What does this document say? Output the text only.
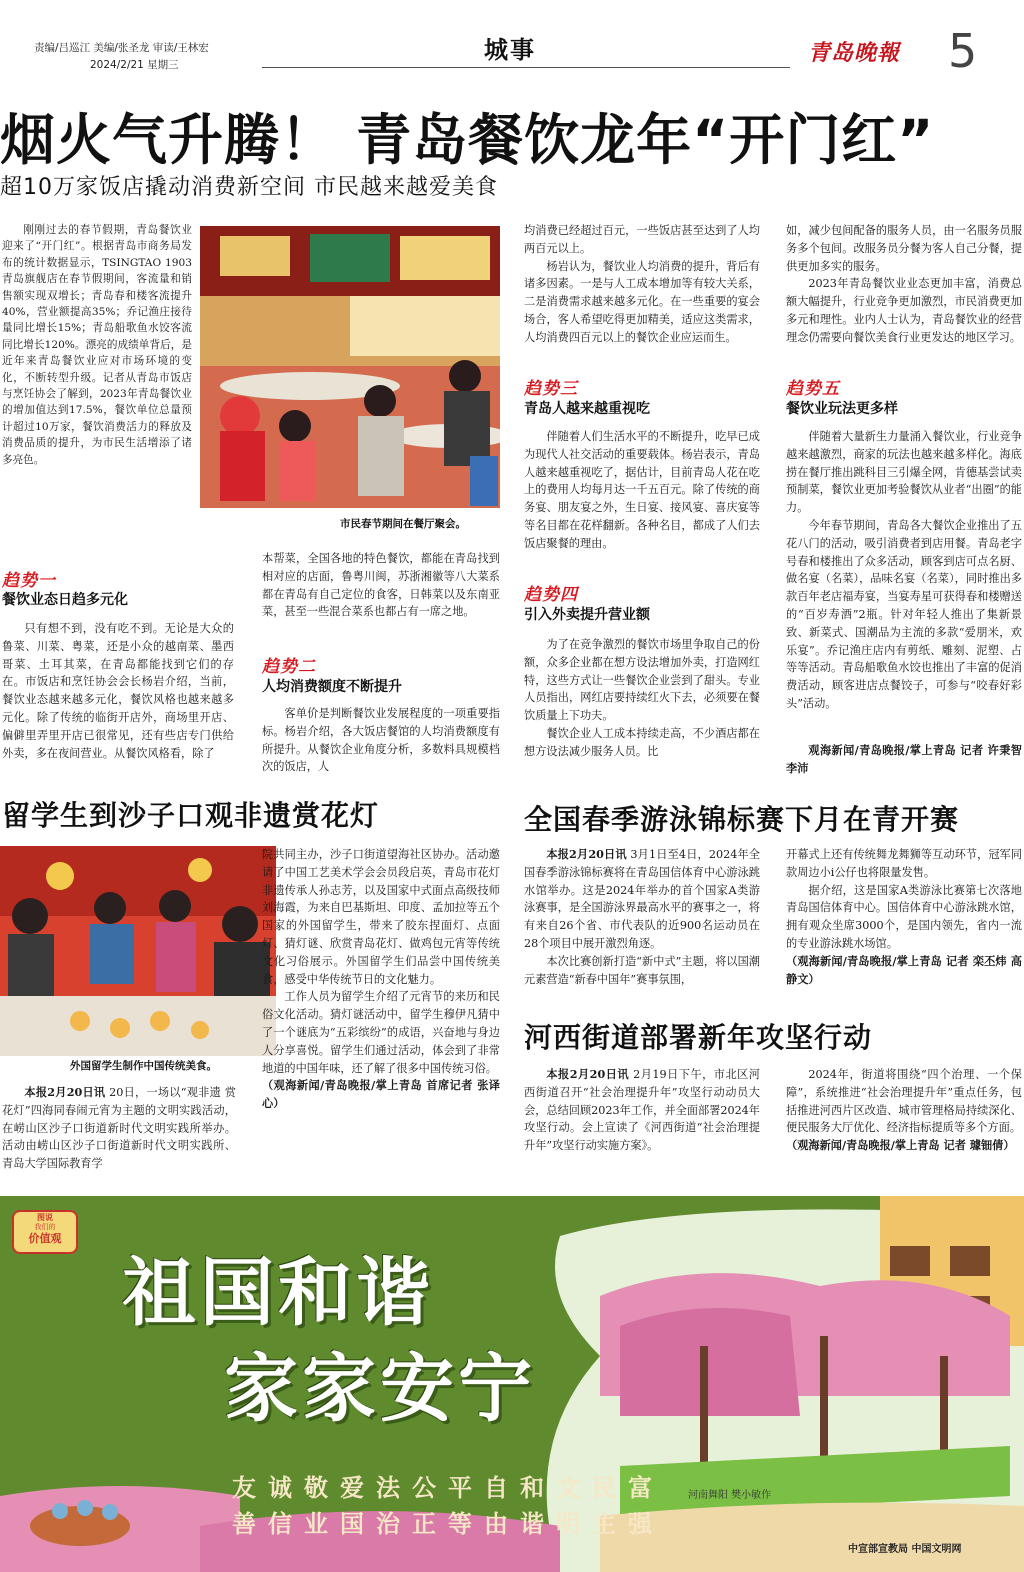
责编/吕巡江 美编/张圣龙 审读/王林宏
2024/2/21 星期三
城事	青岛晚報	5
烟火气升腾！ 青岛餐饮龙年“开门红”
超10万家饭店撬动消费新空间 市民越来越爱美食

刚刚过去的春节假期，青岛餐饮业迎来了“开门红”。根据青岛市商务局发布的统计数据显示，TSINGTAO 1903青岛旗舰店在春节假期间，客流量和销售额实现双增长；青岛春和楼客流提升40%，营业额提高35%；乔记渔庄接待量同比增长15%；青岛船歌鱼水饺客流同比增长120%。漂亮的成绩单背后，是近年来青岛餐饮业应对市场环境的变化，不断转型升级。记者从青岛市饭店与烹饪协会了解到，2023年青岛餐饮业的增加值达到17.5%，餐饮单位总量预计超过10万家，餐饮消费活力的释放及消费品质的提升，为市民生活增添了诸多亮色。

市民春节期间在餐厅聚会。
趋势一
餐饮业态日趋多元化

只有想不到，没有吃不到。无论是大众的鲁菜、川菜、粤菜，还是小众的越南菜、墨西哥菜、土耳其菜，在青岛都能找到它们的存在。市饭店和烹饪协会会长杨岩介绍，当前，餐饮业态越来越多元化，餐饮风格也越来越多元化。除了传统的临街开店外，商场里开店、偏僻里弄里开店已很常见，还有些店专门供给外卖，多在夜间营业。从餐饮风格看，除了

本帮菜，全国各地的特色餐饮，都能在青岛找到相对应的店面，鲁粤川闽，苏浙湘徽等八大菜系都在青岛有自己定位的食客，日韩菜以及东南亚菜，甚至一些混合菜系也都占有一席之地。

趋势二
人均消费额度不断提升

客单价是判断餐饮业发展程度的一项重要指标。杨岩介绍，各大饭店餐馆的人均消费额度有所提升。从餐饮企业角度分析，多数料具规模档次的饭店，人

均消费已经超过百元，一些饭店甚至达到了人均两百元以上。

杨岩认为，餐饮业人均消费的提升，背后有诸多因素。一是与人工成本增加等有较大关系，二是消费需求越来越多元化。在一些重要的宴会场合，客人希望吃得更加精美，适应这类需求，人均消费四百元以上的餐饮企业应运而生。

趋势三
青岛人越来越重视吃

伴随着人们生活水平的不断提升，吃早已成为现代人社交活动的重要载体。杨岩表示，青岛人越来越重视吃了，据估计，目前青岛人花在吃上的费用人均每月达一千五百元。除了传统的商务宴、朋友宴之外，生日宴、接风宴、喜庆宴等等名目都在花样翻新。各种名目，都成了人们去饭店聚餐的理由。

趋势四
引入外卖提升营业额

为了在竞争激烈的餐饮市场里争取自己的份额，众多企业都在想方设法增加外卖，打造网红特，这些方式让一些餐饮企业尝到了甜头。专业人员指出，网红店要持续红火下去，必须要在餐饮质量上下功夫。

餐饮企业人工成本持续走高，不少酒店都在想方设法减少服务人员。比

如，减少包间配备的服务人员，由一名服务员服务多个包间。改服务员分餐为客人自己分餐，提供更加多实的服务。

2023年青岛餐饮业业态更加丰富，消费总额大幅提升，行业竞争更加激烈，市民消费更加多元和理性。业内人士认为，青岛餐饮业的经营理念仍需要向餐饮美食行业更发达的地区学习。

趋势五
餐饮业玩法更多样

伴随着大量新生力量涌入餐饮业，行业竞争越来越激烈，商家的玩法也越来越多样化。海底捞在餐厅推出跳科目三引爆全网，肯德基尝试卖预制菜，餐饮业更加考验餐饮从业者“出圈”的能力。

今年春节期间，青岛各大餐饮企业推出了五花八门的活动，吸引消费者到店用餐。青岛老字号春和楼推出了众多活动，顾客到店可点名厨、做名宴（名菜），品味名宴（名菜），同时推出多款百年老店福寿宴，当宴寿星可获得春和楼赠送的“百岁寿酒”2瓶。针对年轻人推出了集新景致、新菜式、国潮品为主流的多款“爱朋米，欢乐宴”。乔记渔庄店内有剪纸、雕刻、泥塑、占等等活动。青岛船歌鱼水饺也推出了丰富的促消费活动，顾客进店点餐饺子，可参与“咬春好彩头”活动。

观海新闻/青岛晚报/掌上青岛 记者 许秉智 李沛

留学生到沙子口观非遗赏花灯
外国留学生制作中国传统美食。

本报2月20日讯 20日，一场以“观非遗 赏花灯”四海同春闹元宵为主题的文明实践活动，在崂山区沙子口街道新时代文明实践所举办。活动由崂山区沙子口街道新时代文明实践所、青岛大学国际教育学

院共同主办，沙子口街道望海社区协办。活动邀请了中国工艺美术学会会员段启英，青岛市花灯非遗传承人孙志芳，以及国家中式面点高级技师刘海霞，为来自巴基斯坦、印度、孟加拉等五个国家的外国留学生，带来了胶东捏面灯、点面灯、猜灯谜、欣赏青岛花灯、做鸡包元宵等传统文化习俗展示。外国留学生们品尝中国传统美食，感受中华传统节日的文化魅力。

工作人员为留学生介绍了元宵节的来历和民俗文化活动。猜灯谜活动中，留学生穆伊凡猜中了一个谜底为“五彩缤纷”的成语，兴奋地与身边人分享喜悦。留学生们通过活动，体会到了非常地道的中国年味，还了解了很多中国传统习俗。

（观海新闻/青岛晚报/掌上青岛 首席记者 张译心）

全国春季游泳锦标赛下月在青开赛

本报2月20日讯 3月1日至4日，2024年全国春季游泳锦标赛将在青岛国信体育中心游泳跳水馆举办。这是2024年举办的首个国家A类游泳赛事，是全国游泳界最高水平的赛事之一，将有来自26个省、市代表队的近900名运动员在28个项目中展开激烈角逐。

本次比赛创新打造“新中式”主题，将以国潮元素营造“新春中国年”赛事氛围，

开幕式上还有传统舞龙舞狮等互动环节，冠军同款周边小i公仔也将限量发售。

据介绍，这是国家A类游泳比赛第七次落地青岛国信体育中心。国信体育中心游泳跳水馆，拥有观众坐席3000个，是国内领先，省内一流的专业游泳跳水场馆。

（观海新闻/青岛晚报/掌上青岛 记者 栾丕炜 高静文）

河西街道部署新年攻坚行动

本报2月20日讯 2月19日下午，市北区河西街道召开“社会治理提升年”攻坚行动动员大会，总结回顾2023年工作，并全面部署2024年攻坚行动。会上宣读了《河西街道“社会治理提升年”攻坚行动实施方案》。

2024年，街道将围绕“四个治理、一个保障”，系统推进“社会治理提升年”重点任务，包括推进河西片区改造、城市管理格局持续深化、便民服务大厅优化、经济指标提质等多个方面。

（观海新闻/青岛晚报/掌上青岛 记者 璩钿倩）

图说
我们的
价值观
祖国和谐
家家安宁
友诚敬爱法公平自和文民富
善信业国治正等由谐明主强
河南舞阳 樊小敏作
中宣部宣教局 中国文明网
